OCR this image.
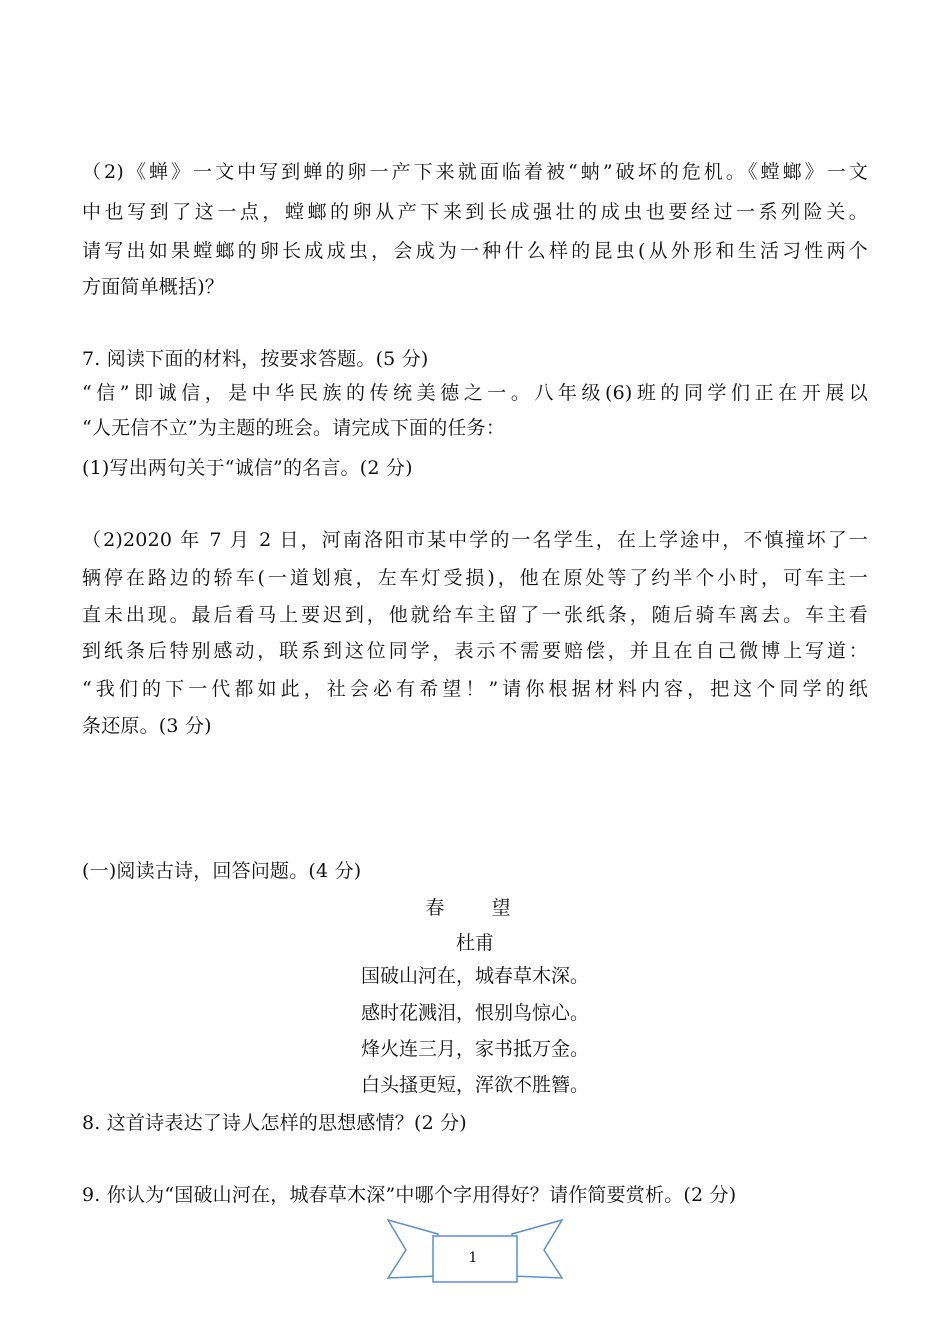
（2)《蝉》一文中写到蝉的卵一产下来就面临着被“蚋”破坏的危机。《螳螂》一文
中也写到了这一点，螳螂的卵从产下来到长成强壮的成虫也要经过一系列险关。
请写出如果螳螂的卵长成成虫，会成为一种什么样的昆虫(从外形和生活习性两个
方面简单概括)？
7. 阅读下面的材料，按要求答题。(5 分)
“信”即诚信，是中华民族的传统美德之一。八年级(6)班的同学们正在开展以
“人无信不立”为主题的班会。请完成下面的任务：
(1)写出两句关于“诚信”的名言。(2 分)
（2)2020 年 7 月 2 日，河南洛阳市某中学的一名学生，在上学途中，不慎撞坏了一
辆停在路边的轿车(一道划痕，左车灯受损)，他在原处等了约半个小时，可车主一
直未出现。最后看马上要迟到，他就给车主留了一张纸条，随后骑车离去。车主看
到纸条后特别感动，联系到这位同学，表示不需要赔偿，并且在自己微博上写道：
“我们的下一代都如此，社会必有希望！”请你根据材料内容，把这个同学的纸
条还原。(3 分)
(一)阅读古诗，回答问题。(4 分)
春　望
杜甫
国破山河在，城春草木深。
感时花溅泪，恨别鸟惊心。
烽火连三月，家书抵万金。
白头搔更短，浑欲不胜簪。
8. 这首诗表达了诗人怎样的思想感情？(2 分)
9. 你认为“国破山河在，城春草木深”中哪个字用得好？请作简要赏析。(2 分)
1
